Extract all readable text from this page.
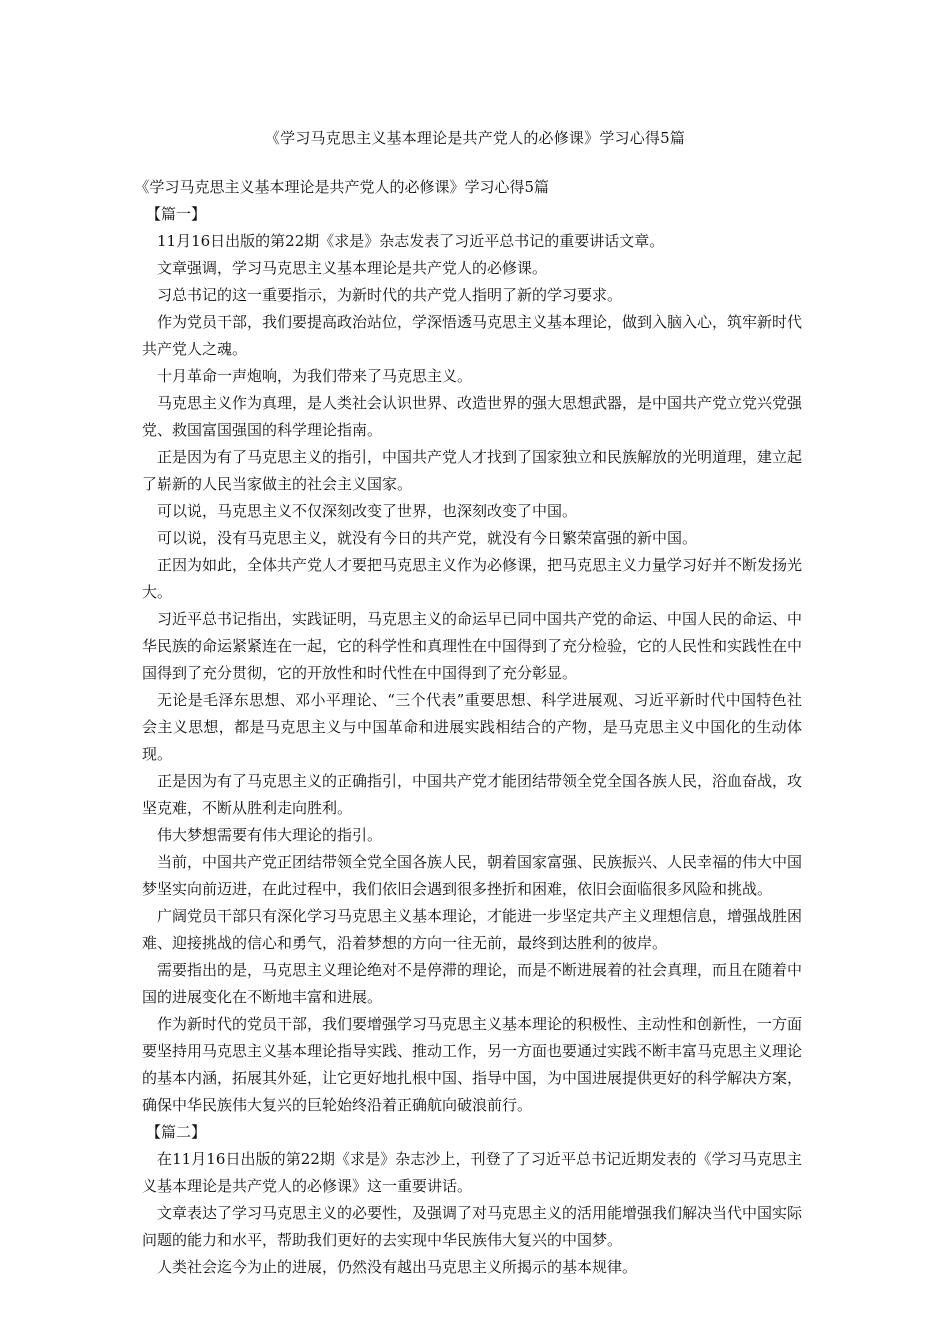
《学习马克思主义基本理论是共产党人的必修课》学习心得5篇

《学习马克思主义基本理论是共产党人的必修课》学习心得5篇

【篇一】

11月16日出版的第22期《求是》杂志发表了习近平总书记的重要讲话文章。

文章强调，学习马克思主义基本理论是共产党人的必修课。

习总书记的这一重要指示，为新时代的共产党人指明了新的学习要求。

作为党员干部，我们要提高政治站位，学深悟透马克思主义基本理论，做到入脑入心，筑牢新时代共产党人之魂。

十月革命一声炮响，为我们带来了马克思主义。

马克思主义作为真理，是人类社会认识世界、改造世界的强大思想武器，是中国共产党立党兴党强党、救国富国强国的科学理论指南。

正是因为有了马克思主义的指引，中国共产党人才找到了国家独立和民族解放的光明道理，建立起了崭新的人民当家做主的社会主义国家。

可以说，马克思主义不仅深刻改变了世界，也深刻改变了中国。

可以说，没有马克思主义，就没有今日的共产党，就没有今日繁荣富强的新中国。

正因为如此，全体共产党人才要把马克思主义作为必修课，把马克思主义力量学习好并不断发扬光大。

习近平总书记指出，实践证明，马克思主义的命运早已同中国共产党的命运、中国人民的命运、中华民族的命运紧紧连在一起，它的科学性和真理性在中国得到了充分检验，它的人民性和实践性在中国得到了充分贯彻，它的开放性和时代性在中国得到了充分彰显。

无论是毛泽东思想、邓小平理论、“三个代表”重要思想、科学进展观、习近平新时代中国特色社会主义思想，都是马克思主义与中国革命和进展实践相结合的产物，是马克思主义中国化的生动体现。

正是因为有了马克思主义的正确指引，中国共产党才能团结带领全党全国各族人民，浴血奋战，攻坚克难，不断从胜利走向胜利。

伟大梦想需要有伟大理论的指引。

当前，中国共产党正团结带领全党全国各族人民，朝着国家富强、民族振兴、人民幸福的伟大中国梦坚实向前迈进，在此过程中，我们依旧会遇到很多挫折和困难，依旧会面临很多风险和挑战。

广阔党员干部只有深化学习马克思主义基本理论，才能进一步坚定共产主义理想信息，增强战胜困难、迎接挑战的信心和勇气，沿着梦想的方向一往无前，最终到达胜利的彼岸。

需要指出的是，马克思主义理论绝对不是停滞的理论，而是不断进展着的社会真理，而且在随着中国的进展变化在不断地丰富和进展。

作为新时代的党员干部，我们要增强学习马克思主义基本理论的积极性、主动性和创新性，一方面要坚持用马克思主义基本理论指导实践、推动工作，另一方面也要通过实践不断丰富马克思主义理论的基本内涵，拓展其外延，让它更好地扎根中国、指导中国，为中国进展提供更好的科学解决方案，确保中华民族伟大复兴的巨轮始终沿着正确航向破浪前行。

【篇二】

在11月16日出版的第22期《求是》杂志沙上，刊登了了习近平总书记近期发表的《学习马克思主义基本理论是共产党人的必修课》这一重要讲话。

文章表达了学习马克思主义的必要性，及强调了对马克思主义的活用能增强我们解决当代中国实际问题的能力和水平，帮助我们更好的去实现中华民族伟大复兴的中国梦。

人类社会迄今为止的进展，仍然没有越出马克思主义所揭示的基本规律。
